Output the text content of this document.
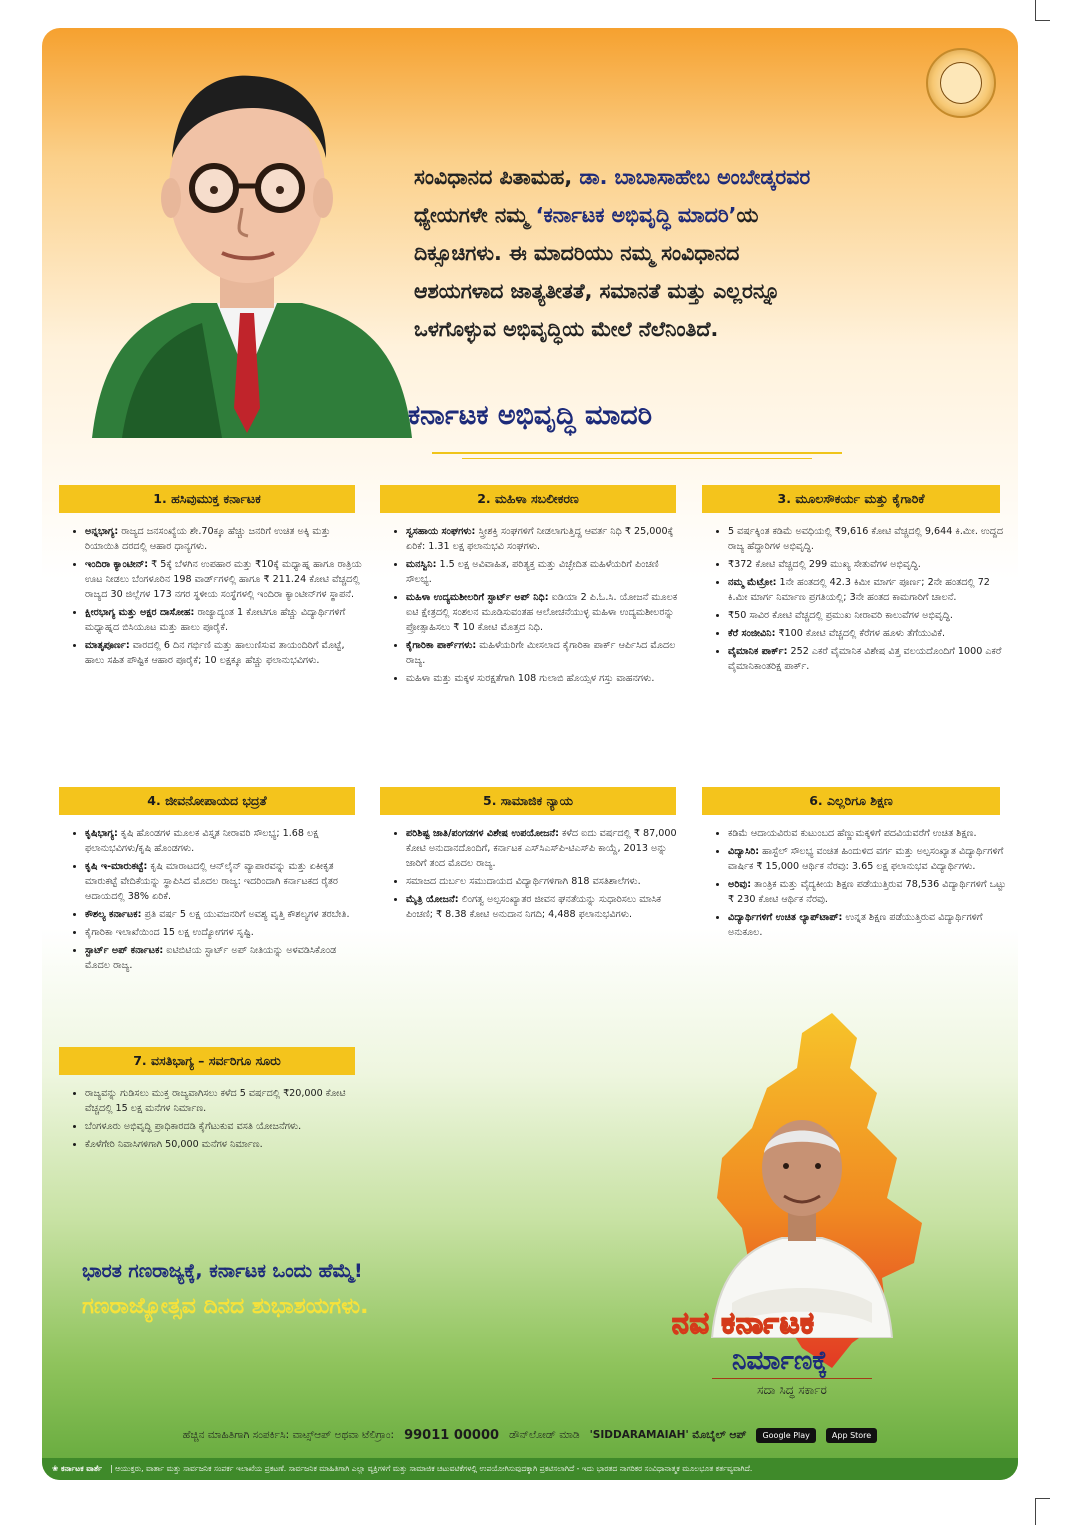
ಸಂವಿಧಾನದ ಪಿತಾಮಹ, ಡಾ. ಬಾಬಾಸಾಹೇಬ ಅಂಬೇಡ್ಕರವರ
ಧ್ಯೇಯಗಳೇ ನಮ್ಮ ‘ಕರ್ನಾಟಕ ಅಭಿವೃದ್ಧಿ ಮಾದರಿ’ಯ
ದಿಕ್ಸೂಚಿಗಳು. ಈ ಮಾದರಿಯು ನಮ್ಮ ಸಂವಿಧಾನದ
ಆಶಯಗಳಾದ ಜಾತ್ಯತೀತತೆ, ಸಮಾನತೆ ಮತ್ತು ಎಲ್ಲರನ್ನೂ
ಒಳಗೊಳ್ಳುವ ಅಭಿವೃದ್ಧಿಯ ಮೇಲೆ ನೆಲೆನಿಂತಿದೆ.
ಕರ್ನಾಟಕ ಅಭಿವೃದ್ಧಿ ಮಾದರಿ
1. ಹಸಿವುಮುಕ್ತ ಕರ್ನಾಟಕ
• ಅನ್ನಭಾಗ್ಯ: ರಾಜ್ಯದ ಜನಸಂಖ್ಯೆಯ ಶೇ.70ಕ್ಕೂ ಹೆಚ್ಚು ಜನರಿಗೆ ಉಚಿತ ಅಕ್ಕಿ ಮತ್ತು ರಿಯಾಯಿತಿ ದರದಲ್ಲಿ ಆಹಾರ ಧಾನ್ಯಗಳು.
• ಇಂದಿರಾ ಕ್ಯಾಂಟೀನ್: ₹ 5ಕ್ಕೆ ಬೆಳಗಿನ ಉಪಹಾರ ಮತ್ತು ₹10ಕ್ಕೆ ಮಧ್ಯಾಹ್ನ ಹಾಗೂ ರಾತ್ರಿಯ ಊಟ ನೀಡಲು ಬೆಂಗಳೂರಿನ 198 ವಾರ್ಡ್‌ಗಳಲ್ಲಿ ಹಾಗೂ ₹ 211.24 ಕೋಟಿ ವೆಚ್ಚದಲ್ಲಿ ರಾಜ್ಯದ 30 ಜಿಲ್ಲೆಗಳ 173 ನಗರ ಸ್ಥಳೀಯ ಸಂಸ್ಥೆಗಳಲ್ಲಿ ಇಂದಿರಾ ಕ್ಯಾಂಟೀನ್‌ಗಳ ಸ್ಥಾಪನೆ.
• ಕ್ಷೀರಭಾಗ್ಯ ಮತ್ತು ಅಕ್ಷರ ದಾಸೋಹ: ರಾಜ್ಯಾದ್ಯಂತ 1 ಕೋಟಿಗೂ ಹೆಚ್ಚು ವಿದ್ಯಾರ್ಥಿಗಳಿಗೆ ಮಧ್ಯಾಹ್ನದ ಬಿಸಿಯೂಟ ಮತ್ತು ಹಾಲು ಪೂರೈಕೆ.
• ಮಾತೃಪೂರ್ಣ: ವಾರದಲ್ಲಿ 6 ದಿನ ಗರ್ಭಿಣಿ ಮತ್ತು ಹಾಲುಣಿಸುವ ತಾಯಂದಿರಿಗೆ ಮೊಟ್ಟೆ, ಹಾಲು ಸಹಿತ ಪೌಷ್ಟಿಕ ಆಹಾರ ಪೂರೈಕೆ; 10 ಲಕ್ಷಕ್ಕೂ ಹೆಚ್ಚು ಫಲಾನುಭವಿಗಳು.
2. ಮಹಿಳಾ ಸಬಲೀಕರಣ
• ಸ್ವಸಹಾಯ ಸಂಘಗಳು: ಸ್ತ್ರೀಶಕ್ತಿ ಸಂಘಗಳಿಗೆ ನೀಡಲಾಗುತ್ತಿದ್ದ ಆವರ್ತ ನಿಧಿ ₹ 25,000ಕ್ಕೆ ಏರಿಕೆ: 1.31 ಲಕ್ಷ ಫಲಾನುಭವಿ ಸಂಘಗಳು.
• ಮನಸ್ವಿನಿ: 1.5 ಲಕ್ಷ ಅವಿವಾಹಿತ, ಪರಿತ್ಯಕ್ತ ಮತ್ತು ವಿಚ್ಛೇದಿತ ಮಹಿಳೆಯರಿಗೆ ಪಿಂಚಣಿ ಸೌಲಭ್ಯ.
• ಮಹಿಳಾ ಉದ್ಯಮಶೀಲರಿಗೆ ಸ್ಟಾರ್ಟ್ ಅಪ್ ನಿಧಿ: ಐಡಿಯಾ 2 ಪಿ.ಓ.ಸಿ. ಯೋಜನೆ ಮೂಲಕ ಐಟಿ ಕ್ಷೇತ್ರದಲ್ಲಿ ಸಂಶಲನ ಮೂಡಿಸುವಂತಹ ಆಲೋಚನೆಯುಳ್ಳ ಮಹಿಳಾ ಉದ್ಯಮಶೀಲರನ್ನು ಪ್ರೋತ್ಸಾಹಿಸಲು ₹ 10 ಕೋಟಿ ಮೊತ್ತದ ನಿಧಿ.
• ಕೈಗಾರಿಕಾ ಪಾರ್ಕ್‌ಗಳು: ಮಹಿಳೆಯರಿಗೇ ಮೀಸಲಾದ ಕೈಗಾರಿಕಾ ಪಾರ್ಕ್ ಆರ್ಪಿಸಿದ ಮೊದಲ ರಾಜ್ಯ.
• ಮಹಿಳಾ ಮತ್ತು ಮಕ್ಕಳ ಸುರಕ್ಷತೆಗಾಗಿ 108 ಗುಲಾಬಿ ಹೊಯ್ಸಳ ಗಸ್ತು ವಾಹನಗಳು.
3. ಮೂಲಸೌಕರ್ಯ ಮತ್ತು ಕೈಗಾರಿಕೆ
• 5 ವರ್ಷಕ್ಕಿಂತ ಕಡಿಮೆ ಅವಧಿಯಲ್ಲಿ ₹9,616 ಕೋಟಿ ವೆಚ್ಚದಲ್ಲಿ 9,644 ಕಿ.ಮೀ. ಉದ್ದದ ರಾಜ್ಯ ಹೆದ್ದಾರಿಗಳ ಅಭಿವೃದ್ಧಿ.
• ₹372 ಕೋಟಿ ವೆಚ್ಚದಲ್ಲಿ 299 ಮುಖ್ಯ ಸೇತುವೆಗಳ ಅಭಿವೃದ್ಧಿ.
• ನಮ್ಮ ಮೆಟ್ರೋ: 1ನೇ ಹಂತದಲ್ಲಿ 42.3 ಕಿಮೀ ಮಾರ್ಗ ಪೂರ್ಣ; 2ನೇ ಹಂತದಲ್ಲಿ 72 ಕಿ.ಮೀ ಮಾರ್ಗ ನಿರ್ಮಾಣ ಪ್ರಗತಿಯಲ್ಲಿ; 3ನೇ ಹಂತದ ಕಾಮಗಾರಿಗೆ ಚಾಲನೆ.
• ₹50 ಸಾವಿರ ಕೋಟಿ ವೆಚ್ಚದಲ್ಲಿ ಪ್ರಮುಖ ನೀರಾವರಿ ಕಾಲುವೆಗಳ ಅಭಿವೃದ್ಧಿ.
• ಕೆರೆ ಸಂಜೀವಿನಿ: ₹100 ಕೋಟಿ ವೆಚ್ಚದಲ್ಲಿ ಕೆರೆಗಳ ಹೂಳು ತೆಗೆಯುವಿಕೆ.
• ವೈಮಾನಿಕ ಪಾರ್ಕ್: 252 ಎಕರೆ ವೈಮಾನಿಕ ವಿಶೇಷ ವಿತ್ತ ವಲಯದೊಂದಿಗೆ 1000 ಎಕರೆ ವೈಮಾನಿಕಾಂತರಿಕ್ಷ ಪಾರ್ಕ್.
4. ಜೀವನೋಪಾಯದ ಭದ್ರತೆ
• ಕೃಷಿಭಾಗ್ಯ: ಕೃಷಿ ಹೊಂಡಗಳ ಮೂಲಕ ವಿಸ್ತೃತ ನೀರಾವರಿ ಸೌಲಭ್ಯ; 1.68 ಲಕ್ಷ ಫಲಾನುಭವಿಗಳು/ಕೃಷಿ ಹೊಂಡಗಳು.
• ಕೃಷಿ ಇ-ಮಾರುಕಟ್ಟೆ: ಕೃಷಿ ಮಾರಾಟದಲ್ಲಿ ಆನ್‌ಲೈನ್ ವ್ಯಾಪಾರವನ್ನು ಮತ್ತು ಏಕೀಕೃತ ಮಾರುಕಟ್ಟೆ ವೇದಿಕೆಯನ್ನು ಸ್ಥಾಪಿಸಿದ ಮೊದಲ ರಾಜ್ಯ: ಇದರಿಂದಾಗಿ ಕರ್ನಾಟಕದ ರೈತರ ಆದಾಯದಲ್ಲಿ 38% ಏರಿಕೆ.
• ಕೌಶಲ್ಯ ಕರ್ನಾಟಕ: ಪ್ರತಿ ವರ್ಷ 5 ಲಕ್ಷ ಯುವಜನರಿಗೆ ಅವಶ್ಯ ವೃತ್ತಿ ಕೌಶಲ್ಯಗಳ ತರಬೇತಿ.
• ಕೈಗಾರಿಕಾ ಇಲಾಖೆಯಿಂದ 15 ಲಕ್ಷ ಉದ್ಯೋಗಗಳ ಸೃಷ್ಟಿ.
• ಸ್ಟಾರ್ಟ್ ಅಪ್ ಕರ್ನಾಟಕ: ಐಟಿಬಿಟಿಯ ಸ್ಟಾರ್ಟ್ ಅಪ್ ನೀತಿಯನ್ನು ಅಳವಡಿಸಿಕೊಂಡ ಮೊದಲ ರಾಜ್ಯ.
5. ಸಾಮಾಜಿಕ ನ್ಯಾಯ
• ಪರಿಶಿಷ್ಟ ಜಾತಿ/ಪಂಗಡಗಳ ವಿಶೇಷ ಉಪಯೋಜನೆ: ಕಳೆದ ಐದು ವರ್ಷದಲ್ಲಿ ₹ 87,000 ಕೋಟಿ ಅನುದಾನದೊಂದಿಗೆ, ಕರ್ನಾಟಕ ಎಸ್‌ಸಿಎಸ್‌ಪಿ-ಟಿಎಸ್‌ಪಿ ಕಾಯ್ದೆ, 2013 ಅನ್ನು ಜಾರಿಗೆ ತಂದ ಮೊದಲ ರಾಜ್ಯ.
• ಸಮಾಜದ ದುರ್ಬಲ ಸಮುದಾಯದ ವಿದ್ಯಾರ್ಥಿಗಳಿಗಾಗಿ 818 ವಸತಿಶಾಲೆಗಳು.
• ಮೈತ್ರಿ ಯೋಜನೆ: ಲಿಂಗತ್ವ ಅಲ್ಪಸಂಖ್ಯಾತರ ಜೀವನ ಘನತೆಯನ್ನು ಸುಧಾರಿಸಲು ಮಾಸಿಕ ಪಿಂಚಣಿ; ₹ 8.38 ಕೋಟಿ ಅನುದಾನ ನಿಗದಿ; 4,488 ಫಲಾನುಭವಿಗಳು.
6. ಎಲ್ಲರಿಗೂ ಶಿಕ್ಷಣ
• ಕಡಿಮೆ ಆದಾಯವಿರುವ ಕುಟುಂಬದ ಹೆಣ್ಣುಮಕ್ಕಳಿಗೆ ಪದವಿಯವರೆಗೆ ಉಚಿತ ಶಿಕ್ಷಣ.
• ವಿದ್ಯಾಸಿರಿ: ಹಾಸ್ಟೆಲ್ ಸೌಲಭ್ಯ ವಂಚಿತ ಹಿಂದುಳಿದ ವರ್ಗ ಮತ್ತು ಅಲ್ಪಸಂಖ್ಯಾತ ವಿದ್ಯಾರ್ಥಿಗಳಿಗೆ ವಾರ್ಷಿಕ ₹ 15,000 ಆರ್ಥಿಕ ನೆರವು: 3.65 ಲಕ್ಷ ಫಲಾನುಭವ ವಿದ್ಯಾರ್ಥಿಗಳು.
• ಅರಿವು: ತಾಂತ್ರಿಕ ಮತ್ತು ವೈದ್ಯಕೀಯ ಶಿಕ್ಷಣ ಪಡೆಯುತ್ತಿರುವ 78,536 ವಿದ್ಯಾರ್ಥಿಗಳಿಗೆ ಒಟ್ಟು ₹ 230 ಕೋಟಿ ಆರ್ಥಿಕ ನೆರವು.
• ವಿದ್ಯಾರ್ಥಿಗಳಿಗೆ ಉಚಿತ ಲ್ಯಾಪ್‌ಟಾಪ್: ಉನ್ನತ ಶಿಕ್ಷಣ ಪಡೆಯುತ್ತಿರುವ ವಿದ್ಯಾರ್ಥಿಗಳಿಗೆ ಅನುಕೂಲ.
7. ವಸತಿಭಾಗ್ಯ – ಸರ್ವರಿಗೂ ಸೂರು
• ರಾಜ್ಯವನ್ನು ಗುಡಿಸಲು ಮುಕ್ತ ರಾಜ್ಯವಾಗಿಸಲು ಕಳೆದ 5 ವರ್ಷದಲ್ಲಿ ₹20,000 ಕೋಟಿ ವೆಚ್ಚದಲ್ಲಿ 15 ಲಕ್ಷ ಮನೆಗಳ ನಿರ್ಮಾಣ.
• ಬೆಂಗಳೂರು ಅಭಿವೃದ್ಧಿ ಪ್ರಾಧಿಕಾರದಡಿ ಕೈಗೆಟುಕುವ ವಸತಿ ಯೋಜನೆಗಳು.
• ಕೊಳೆಗೇರಿ ನಿವಾಸಿಗಳಿಗಾಗಿ 50,000 ಮನೆಗಳ ನಿರ್ಮಾಣ.
ನವ ಕರ್ನಾಟಕ
ನಿರ್ಮಾಣಕ್ಕೆ
ಸದಾ ಸಿದ್ಧ ಸರ್ಕಾರ
ಭಾರತ ಗಣರಾಜ್ಯಕ್ಕೆ, ಕರ್ನಾಟಕ ಒಂದು ಹೆಮ್ಮೆ!
ಗಣರಾಜ್ಯೋತ್ಸವ ದಿನದ ಶುಭಾಶಯಗಳು.
ಹೆಚ್ಚಿನ ಮಾಹಿತಿಗಾಗಿ ಸಂಪರ್ಕಿಸಿ: ವಾಟ್ಸ್‌ಆಪ್ ಅಥವಾ ಟೆಲಿಗ್ರಾಂ: 99011 00000 ಡೌನ್‌ಲೋಡ್ ಮಾಡಿ 'SIDDARAMAIAH' ಮೊಬೈಲ್ ಆಪ್	Google Play	App Store
❀ ಕರ್ನಾಟಕ ವಾರ್ತೆ | ಆಯುಕ್ತರು, ವಾರ್ತಾ ಮತ್ತು ಸಾರ್ವಜನಿಕ ಸಂಪರ್ಕ ಇಲಾಖೆಯ ಪ್ರಕಟಣೆ. ಸಾರ್ವಜನಿಕ ಮಾಹಿತಿಗಾಗಿ ಎಲ್ಲಾ ವ್ಯಕ್ತಿಗಳಿಗೆ ಮತ್ತು ಸಾಮಾಜಿಕ ಚಟುವಟಿಕೆಗಳಲ್ಲಿ ಉಪಯೋಗಿಸುವುದಕ್ಕಾಗಿ ಪ್ರಕಟಿಸಲಾಗಿದೆ - ಇದು ಭಾರತದ ನಾಗರಿಕರ ಸಂವಿಧಾನಾತ್ಮಕ ಮೂಲಭೂತ ಕರ್ತವ್ಯವಾಗಿದೆ.
